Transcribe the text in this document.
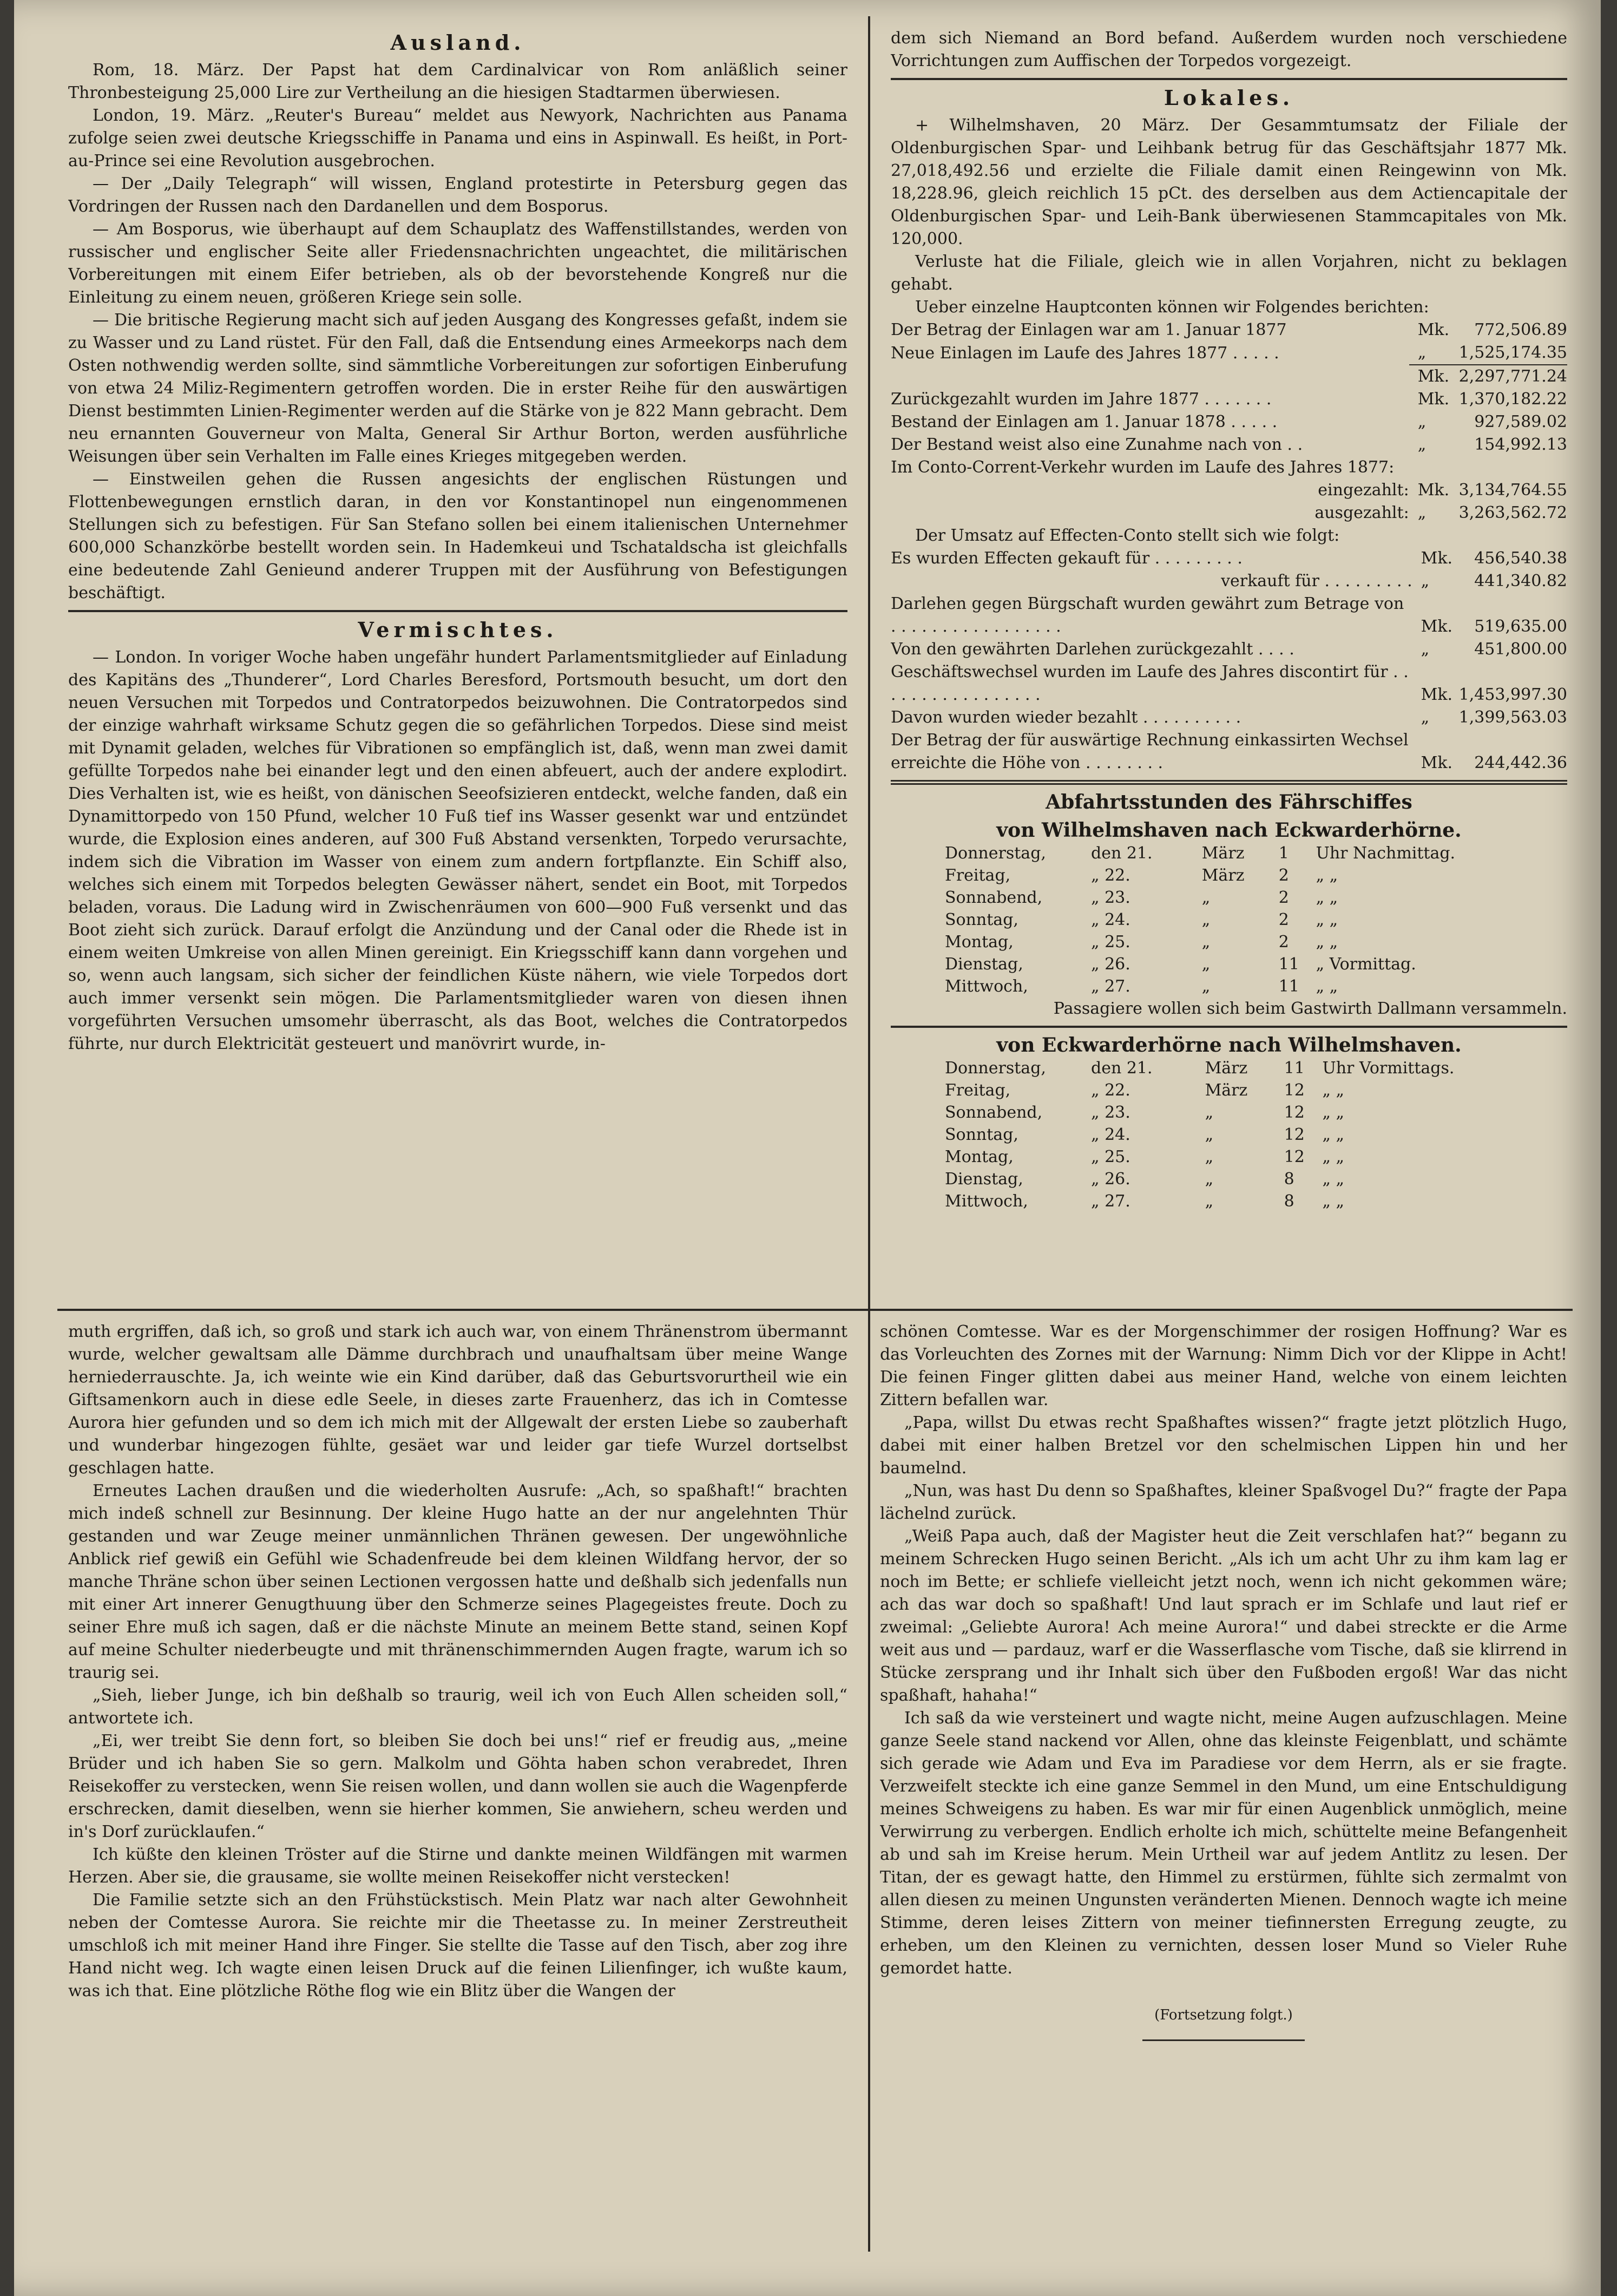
Ausland.

Rom, 18. März. Der Papst hat dem Cardinalvicar von Rom anläßlich seiner Thronbesteigung 25,000 Lire zur Vertheilung an die hiesigen Stadtarmen überwiesen.

London, 19. März. „Reuter's Bureau“ meldet aus Newyork, Nachrichten aus Panama zufolge seien zwei deutsche Kriegsschiffe in Panama und eins in Aspinwall. Es heißt, in Port-au-Prince sei eine Revolution ausgebrochen.

— Der „Daily Telegraph“ will wissen, England protestirte in Petersburg gegen das Vordringen der Russen nach den Dardanellen und dem Bosporus.

— Am Bosporus, wie überhaupt auf dem Schauplatz des Waffenstillstandes, werden von russischer und englischer Seite aller Friedensnachrichten ungeachtet, die militärischen Vorbereitungen mit einem Eifer betrieben, als ob der bevorstehende Kongreß nur die Einleitung zu einem neuen, größeren Kriege sein solle.

— Die britische Regierung macht sich auf jeden Ausgang des Kongresses gefaßt, indem sie zu Wasser und zu Land rüstet. Für den Fall, daß die Entsendung eines Armeekorps nach dem Osten nothwendig werden sollte, sind sämmtliche Vorbereitungen zur sofortigen Einberufung von etwa 24 Miliz-Regimentern getroffen worden. Die in erster Reihe für den auswärtigen Dienst bestimmten Linien-Regimenter werden auf die Stärke von je 822 Mann gebracht. Dem neu ernannten Gouverneur von Malta, General Sir Arthur Borton, werden ausführliche Weisungen über sein Verhalten im Falle eines Krieges mitgegeben werden.

— Einstweilen gehen die Russen angesichts der englischen Rüstungen und Flottenbewegungen ernstlich daran, in den vor Konstantinopel nun eingenommenen Stellungen sich zu befestigen. Für San Stefano sollen bei einem italienischen Unternehmer 600,000 Schanzkörbe bestellt worden sein. In Hademkeui und Tschataldscha ist gleichfalls eine bedeutende Zahl Genieund anderer Truppen mit der Ausführung von Befestigungen beschäftigt.

Vermischtes.

— London. In voriger Woche haben ungefähr hundert Parlamentsmitglieder auf Einladung des Kapitäns des „Thunderer“, Lord Charles Beresford, Portsmouth besucht, um dort den neuen Versuchen mit Torpedos und Contratorpedos beizuwohnen. Die Contratorpedos sind der einzige wahrhaft wirksame Schutz gegen die so gefährlichen Torpedos. Diese sind meist mit Dynamit geladen, welches für Vibrationen so empfänglich ist, daß, wenn man zwei damit gefüllte Torpedos nahe bei einander legt und den einen abfeuert, auch der andere explodirt. Dies Verhalten ist, wie es heißt, von dänischen Seeofsizieren entdeckt, welche fanden, daß ein Dynamittorpedo von 150 Pfund, welcher 10 Fuß tief ins Wasser gesenkt war und entzündet wurde, die Explosion eines anderen, auf 300 Fuß Abstand versenkten, Torpedo verursachte, indem sich die Vibration im Wasser von einem zum andern fortpflanzte. Ein Schiff also, welches sich einem mit Torpedos belegten Gewässer nähert, sendet ein Boot, mit Torpedos beladen, voraus. Die Ladung wird in Zwischenräumen von 600—900 Fuß versenkt und das Boot zieht sich zurück. Darauf erfolgt die Anzündung und der Canal oder die Rhede ist in einem weiten Umkreise von allen Minen gereinigt. Ein Kriegsschiff kann dann vorgehen und so, wenn auch langsam, sich sicher der feindlichen Küste nähern, wie viele Torpedos dort auch immer versenkt sein mögen. Die Parlamentsmitglieder waren von diesen ihnen vorgeführten Versuchen umsomehr überrascht, als das Boot, welches die Contratorpedos führte, nur durch Elektricität gesteuert und manövrirt wurde, in-

dem sich Niemand an Bord befand. Außerdem wurden noch verschiedene Vorrichtungen zum Auffischen der Torpedos vorgezeigt.

Lokales.

+ Wilhelmshaven, 20 März. Der Gesammtumsatz der Filiale der Oldenburgischen Spar- und Leihbank betrug für das Geschäftsjahr 1877 Mk. 27,018,492.56 und erzielte die Filiale damit einen Reingewinn von Mk. 18,228.96, gleich reichlich 15 pCt. des derselben aus dem Actiencapitale der Oldenburgischen Spar- und Leih-Bank überwiesenen Stammcapitales von Mk. 120,000.

Verluste hat die Filiale, gleich wie in allen Vorjahren, nicht zu beklagen gehabt.

Ueber einzelne Hauptconten können wir Folgendes berichten:

Der Betrag der Einlagen war am 1. Januar 1877	Mk.	772,506.89
Neue Einlagen im Laufe des Jahres 1877 . . . . .	„	1,525,174.35
	Mk.	2,297,771.24
Zurückgezahlt wurden im Jahre 1877 . . . . . . .	Mk.	1,370,182.22
Bestand der Einlagen am 1. Januar 1878 . . . . .	„	927,589.02
Der Bestand weist also eine Zunahme nach von . .	„	154,992.13
Im Conto-Corrent-Verkehr wurden im Laufe des Jahres 1877:		
eingezahlt:	Mk.	3,134,764.55
ausgezahlt:	„	3,263,562.72

Der Umsatz auf Effecten-Conto stellt sich wie folgt:

Es wurden Effecten gekauft für . . . . . . . . .	Mk.	456,540.38
verkauft für . . . . . . . . .	„	441,340.82
Darlehen gegen Bürgschaft wurden gewährt zum Betrage von . . . . . . . . . . . . . . . . .	Mk.	519,635.00
Von den gewährten Darlehen zurückgezahlt . . . .	„	451,800.00
Geschäftswechsel wurden im Laufe des Jahres discontirt für . . . . . . . . . . . . . . . . .	Mk.	1,453,997.30
Davon wurden wieder bezahlt . . . . . . . . . .	„	1,399,563.03
Der Betrag der für auswärtige Rechnung einkassirten Wechsel erreichte die Höhe von . . . . . . . .	Mk.	244,442.36
Abfahrtsstunden des Fährschiffes
von Wilhelmshaven nach Eckwarderhörne.
Donnerstag,	den 21.	März	1	Uhr Nachmittag.
Freitag,	„ 22.	März	2	„ „
Sonnabend,	„ 23.	„	2	„ „
Sonntag,	„ 24.	„	2	„ „
Montag,	„ 25.	„	2	„ „
Dienstag,	„ 26.	„	11	„ Vormittag.
Mittwoch,	„ 27.	„	11	„ „

Passagiere wollen sich beim Gastwirth Dallmann versammeln.

von Eckwarderhörne nach Wilhelmshaven.
Donnerstag,	den 21.	März	11	Uhr Vormittags.
Freitag,	„ 22.	März	12	„ „
Sonnabend,	„ 23.	„	12	„ „
Sonntag,	„ 24.	„	12	„ „
Montag,	„ 25.	„	12	„ „
Dienstag,	„ 26.	„	8	„ „
Mittwoch,	„ 27.	„	8	„ „

muth ergriffen, daß ich, so groß und stark ich auch war, von einem Thränenstrom übermannt wurde, welcher gewaltsam alle Dämme durchbrach und unaufhaltsam über meine Wange herniederrauschte. Ja, ich weinte wie ein Kind darüber, daß das Geburtsvorurtheil wie ein Giftsamenkorn auch in diese edle Seele, in dieses zarte Frauenherz, das ich in Comtesse Aurora hier gefunden und so dem ich mich mit der Allgewalt der ersten Liebe so zauberhaft und wunderbar hingezogen fühlte, gesäet war und leider gar tiefe Wurzel dortselbst geschlagen hatte.

Erneutes Lachen draußen und die wiederholten Ausrufe: „Ach, so spaßhaft!“ brachten mich indeß schnell zur Besinnung. Der kleine Hugo hatte an der nur angelehnten Thür gestanden und war Zeuge meiner unmännlichen Thränen gewesen. Der ungewöhnliche Anblick rief gewiß ein Gefühl wie Schadenfreude bei dem kleinen Wildfang hervor, der so manche Thräne schon über seinen Lectionen vergossen hatte und deßhalb sich jedenfalls nun mit einer Art innerer Genugthuung über den Schmerze seines Plagegeistes freute. Doch zu seiner Ehre muß ich sagen, daß er die nächste Minute an meinem Bette stand, seinen Kopf auf meine Schulter niederbeugte und mit thränenschimmernden Augen fragte, warum ich so traurig sei.

„Sieh, lieber Junge, ich bin deßhalb so traurig, weil ich von Euch Allen scheiden soll,“ antwortete ich.

„Ei, wer treibt Sie denn fort, so bleiben Sie doch bei uns!“ rief er freudig aus, „meine Brüder und ich haben Sie so gern. Malkolm und Göhta haben schon verabredet, Ihren Reisekoffer zu verstecken, wenn Sie reisen wollen, und dann wollen sie auch die Wagenpferde erschrecken, damit dieselben, wenn sie hierher kommen, Sie anwiehern, scheu werden und in's Dorf zurücklaufen.“

Ich küßte den kleinen Tröster auf die Stirne und dankte meinen Wildfängen mit warmen Herzen. Aber sie, die grausame, sie wollte meinen Reisekoffer nicht verstecken!

Die Familie setzte sich an den Frühstückstisch. Mein Platz war nach alter Gewohnheit neben der Comtesse Aurora. Sie reichte mir die Theetasse zu. In meiner Zerstreutheit umschloß ich mit meiner Hand ihre Finger. Sie stellte die Tasse auf den Tisch, aber zog ihre Hand nicht weg. Ich wagte einen leisen Druck auf die feinen Lilienfinger, ich wußte kaum, was ich that. Eine plötzliche Röthe flog wie ein Blitz über die Wangen der

schönen Comtesse. War es der Morgenschimmer der rosigen Hoffnung? War es das Vorleuchten des Zornes mit der Warnung: Nimm Dich vor der Klippe in Acht! Die feinen Finger glitten dabei aus meiner Hand, welche von einem leichten Zittern befallen war.

„Papa, willst Du etwas recht Spaßhaftes wissen?“ fragte jetzt plötzlich Hugo, dabei mit einer halben Bretzel vor den schelmischen Lippen hin und her baumelnd.

„Nun, was hast Du denn so Spaßhaftes, kleiner Spaßvogel Du?“ fragte der Papa lächelnd zurück.

„Weiß Papa auch, daß der Magister heut die Zeit verschlafen hat?“ begann zu meinem Schrecken Hugo seinen Bericht. „Als ich um acht Uhr zu ihm kam lag er noch im Bette; er schliefe vielleicht jetzt noch, wenn ich nicht gekommen wäre; ach das war doch so spaßhaft! Und laut sprach er im Schlafe und laut rief er zweimal: „Geliebte Aurora! Ach meine Aurora!“ und dabei streckte er die Arme weit aus und — pardauz, warf er die Wasserflasche vom Tische, daß sie klirrend in Stücke zersprang und ihr Inhalt sich über den Fußboden ergoß! War das nicht spaßhaft, hahaha!“

Ich saß da wie versteinert und wagte nicht, meine Augen aufzuschlagen. Meine ganze Seele stand nackend vor Allen, ohne das kleinste Feigenblatt, und schämte sich gerade wie Adam und Eva im Paradiese vor dem Herrn, als er sie fragte. Verzweifelt steckte ich eine ganze Semmel in den Mund, um eine Entschuldigung meines Schweigens zu haben. Es war mir für einen Augenblick unmöglich, meine Verwirrung zu verbergen. Endlich erholte ich mich, schüttelte meine Befangenheit ab und sah im Kreise herum. Mein Urtheil war auf jedem Antlitz zu lesen. Der Titan, der es gewagt hatte, den Himmel zu erstürmen, fühlte sich zermalmt von allen diesen zu meinen Ungunsten veränderten Mienen. Dennoch wagte ich meine Stimme, deren leises Zittern von meiner tiefinnersten Erregung zeugte, zu erheben, um den Kleinen zu vernichten, dessen loser Mund so Vieler Ruhe gemordet hatte.

(Fortsetzung folgt.)
